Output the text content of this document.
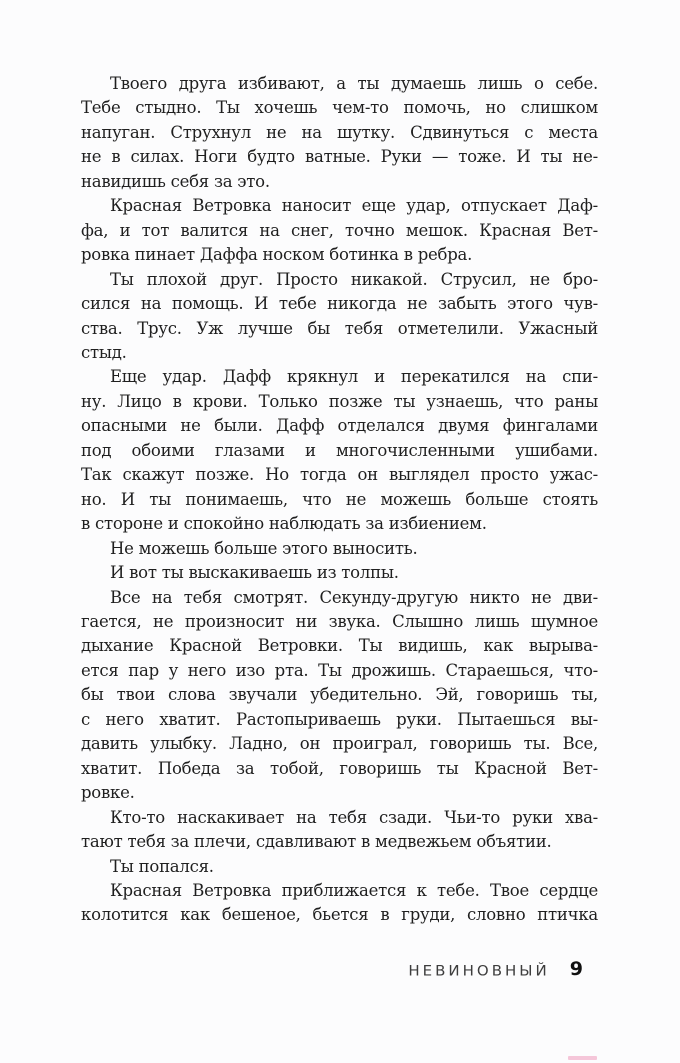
Твоего друга избивают, а ты думаешь лишь о себе.
Тебе стыдно. Ты хочешь чем-то помочь, но слишком
напуган. Струхнул не на шутку. Сдвинуться с места
не в силах. Ноги будто ватные. Руки — тоже. И ты не-
навидишь себя за это.
Красная Ветровка наносит еще удар, отпускает Даф-
фа, и тот валится на снег, точно мешок. Красная Вет-
ровка пинает Даффа носком ботинка в ребра.
Ты плохой друг. Просто никакой. Струсил, не бро-
сился на помощь. И тебе никогда не забыть этого чув-
ства. Трус. Уж лучше бы тебя отметелили. Ужасный
стыд.
Еще удар. Дафф крякнул и перекатился на спи-
ну. Лицо в крови. Только позже ты узнаешь, что раны
опасными не были. Дафф отделался двумя фингалами
под обоими глазами и многочисленными ушибами.
Так скажут позже. Но тогда он выглядел просто ужас-
но. И ты понимаешь, что не можешь больше стоять
в стороне и спокойно наблюдать за избиением.
Не можешь больше этого выносить.
И вот ты выскакиваешь из толпы.
Все на тебя смотрят. Секунду-другую никто не дви-
гается, не произносит ни звука. Слышно лишь шумное
дыхание Красной Ветровки. Ты видишь, как вырыва-
ется пар у него изо рта. Ты дрожишь. Стараешься, что-
бы твои слова звучали убедительно. Эй, говоришь ты,
с него хватит. Растопыриваешь руки. Пытаешься вы-
давить улыбку. Ладно, он проиграл, говоришь ты. Все,
хватит. Победа за тобой, говоришь ты Красной Вет-
ровке.
Кто-то наскакивает на тебя сзади. Чьи-то руки хва-
тают тебя за плечи, сдавливают в медвежьем объятии.
Ты попался.
Красная Ветровка приближается к тебе. Твое сердце
колотится как бешеное, бьется в груди, словно птичка
НЕВИНОВНЫЙ 9
